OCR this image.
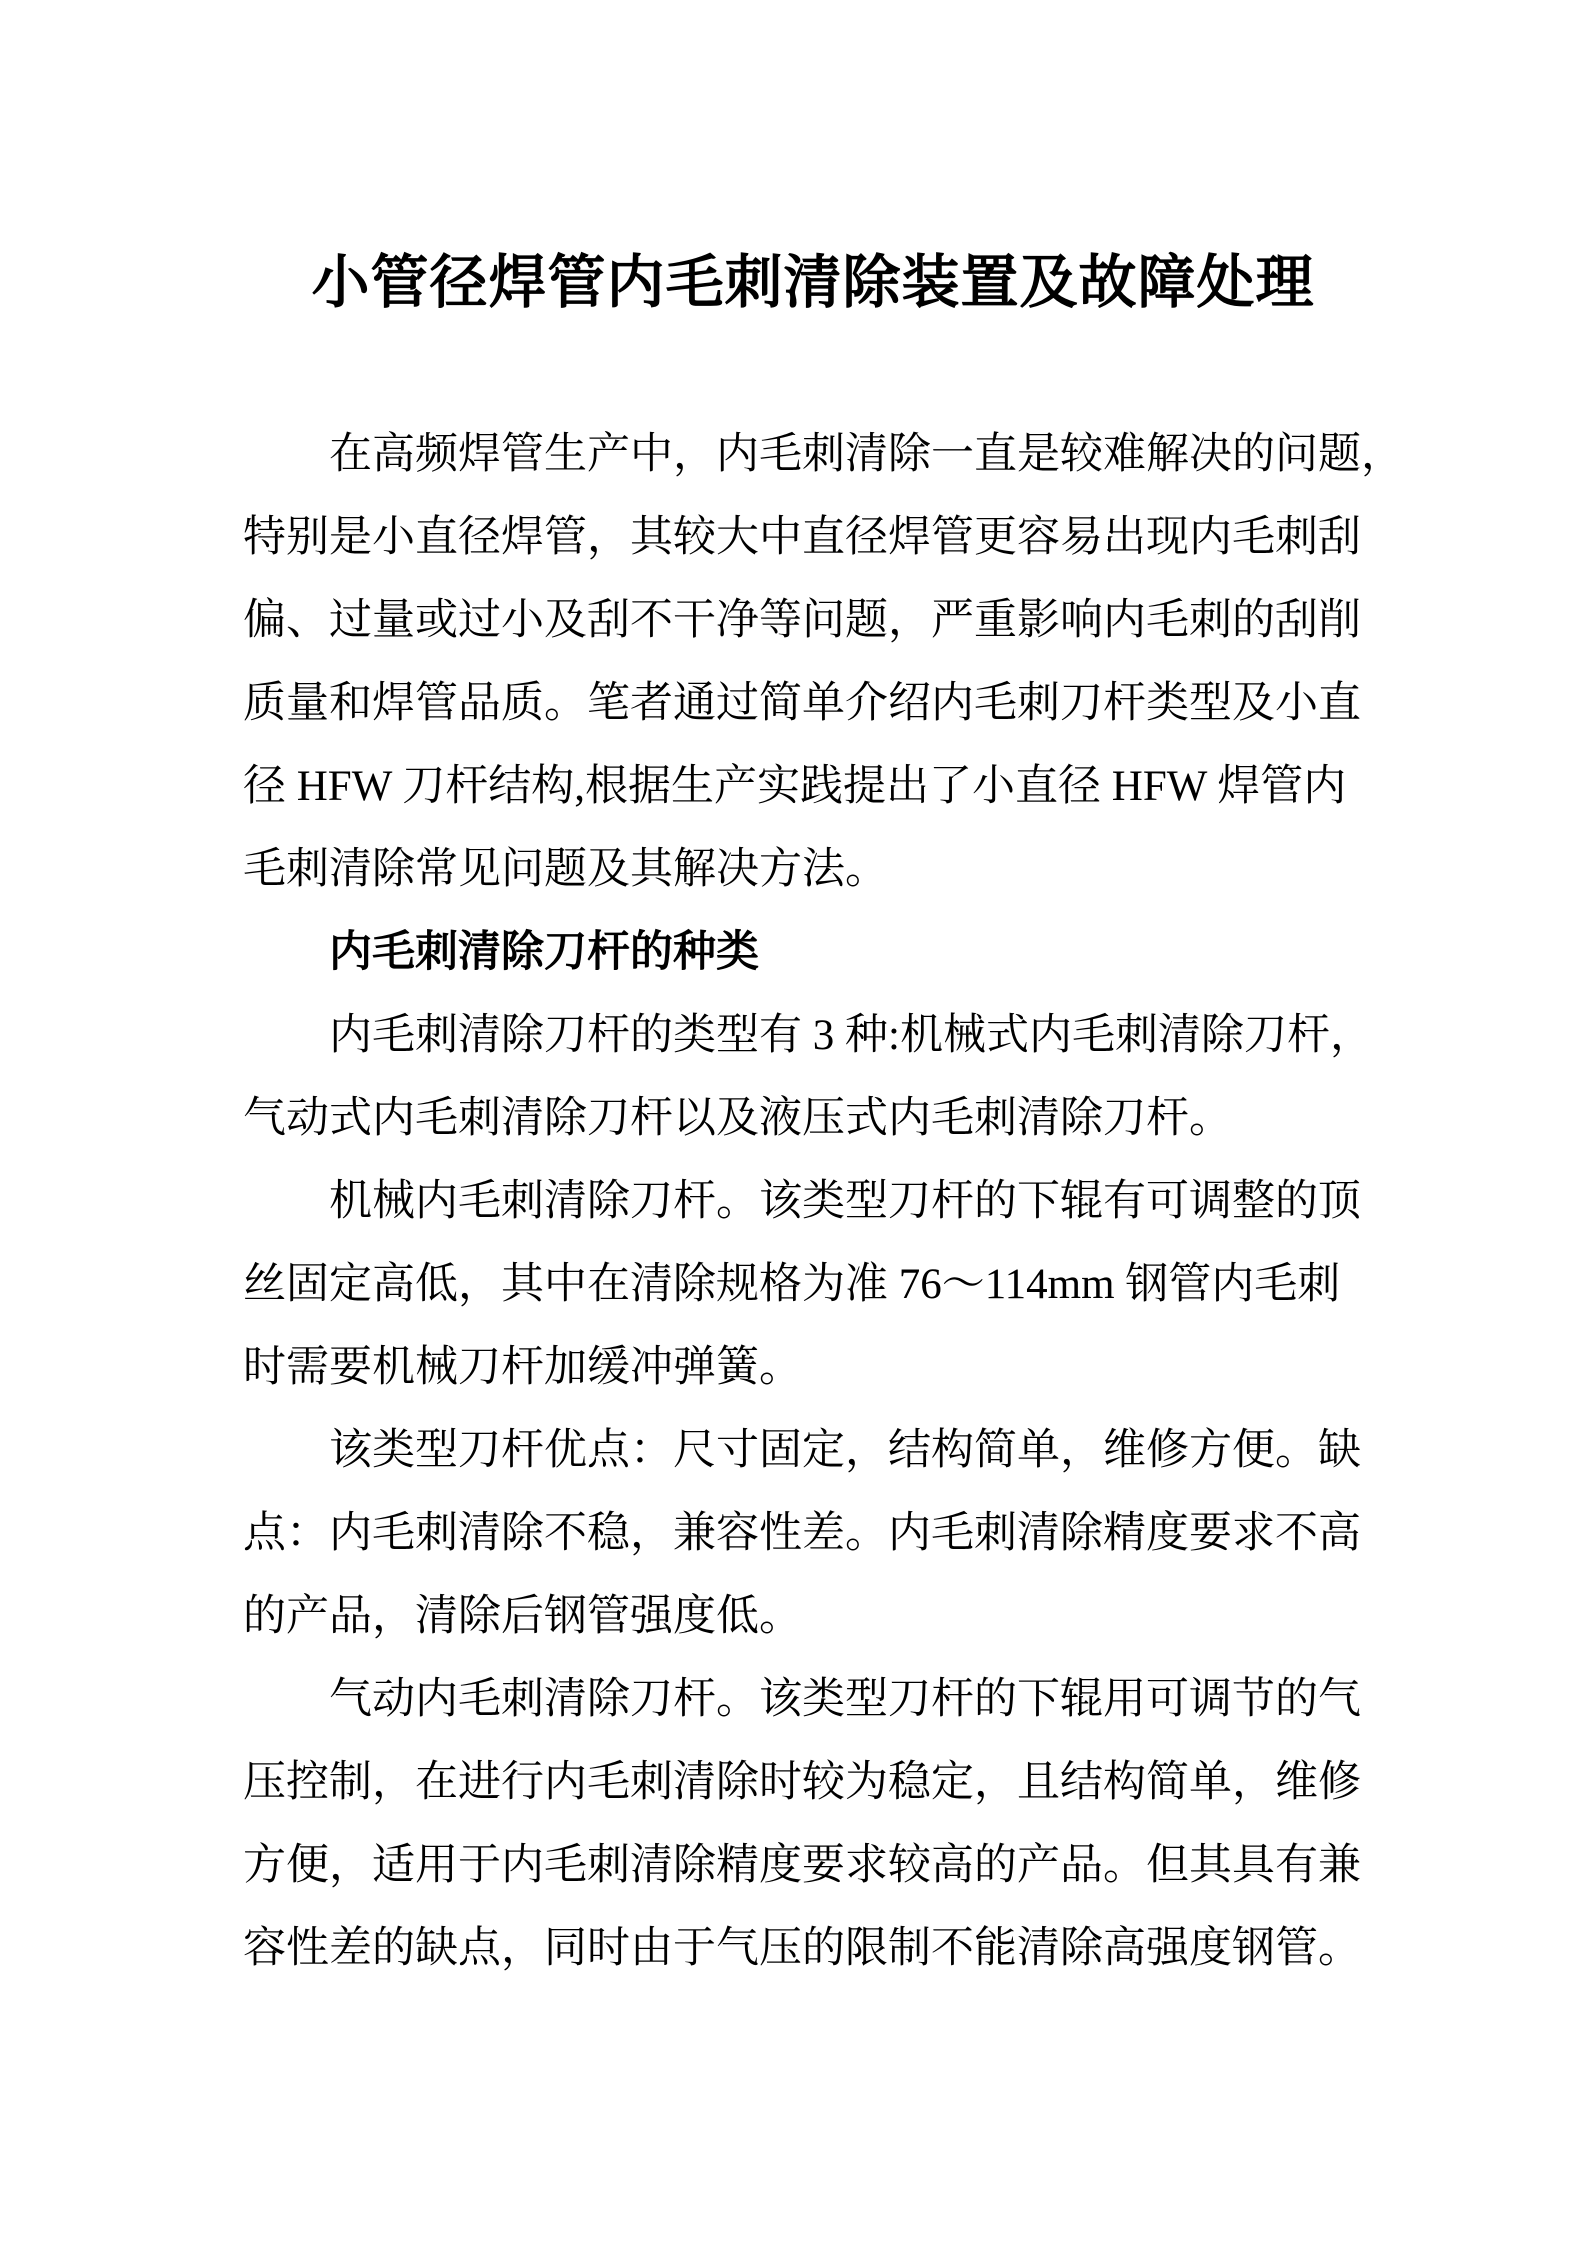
小管径焊管内毛刺清除装置及故障处理
在高频焊管生产中，内毛刺清除一直是较难解决的问题，
特别是小直径焊管，其较大中直径焊管更容易出现内毛刺刮
偏、过量或过小及刮不干净等问题，严重影响内毛刺的刮削
质量和焊管品质。笔者通过简单介绍内毛刺刀杆类型及小直
径 HFW 刀杆结构,根据生产实践提出了小直径 HFW 焊管内
毛刺清除常见问题及其解决方法。
内毛刺清除刀杆的种类
内毛刺清除刀杆的类型有 3 种:机械式内毛刺清除刀杆，
气动式内毛刺清除刀杆以及液压式内毛刺清除刀杆。
机械内毛刺清除刀杆。该类型刀杆的下辊有可调整的顶
丝固定高低，其中在清除规格为准 76～114mm 钢管内毛刺
时需要机械刀杆加缓冲弹簧。
该类型刀杆优点：尺寸固定，结构简单，维修方便。缺
点：内毛刺清除不稳，兼容性差。内毛刺清除精度要求不高
的产品，清除后钢管强度低。
气动内毛刺清除刀杆。该类型刀杆的下辊用可调节的气
压控制，在进行内毛刺清除时较为稳定，且结构简单，维修
方便，适用于内毛刺清除精度要求较高的产品。但其具有兼
容性差的缺点，同时由于气压的限制不能清除高强度钢管。
